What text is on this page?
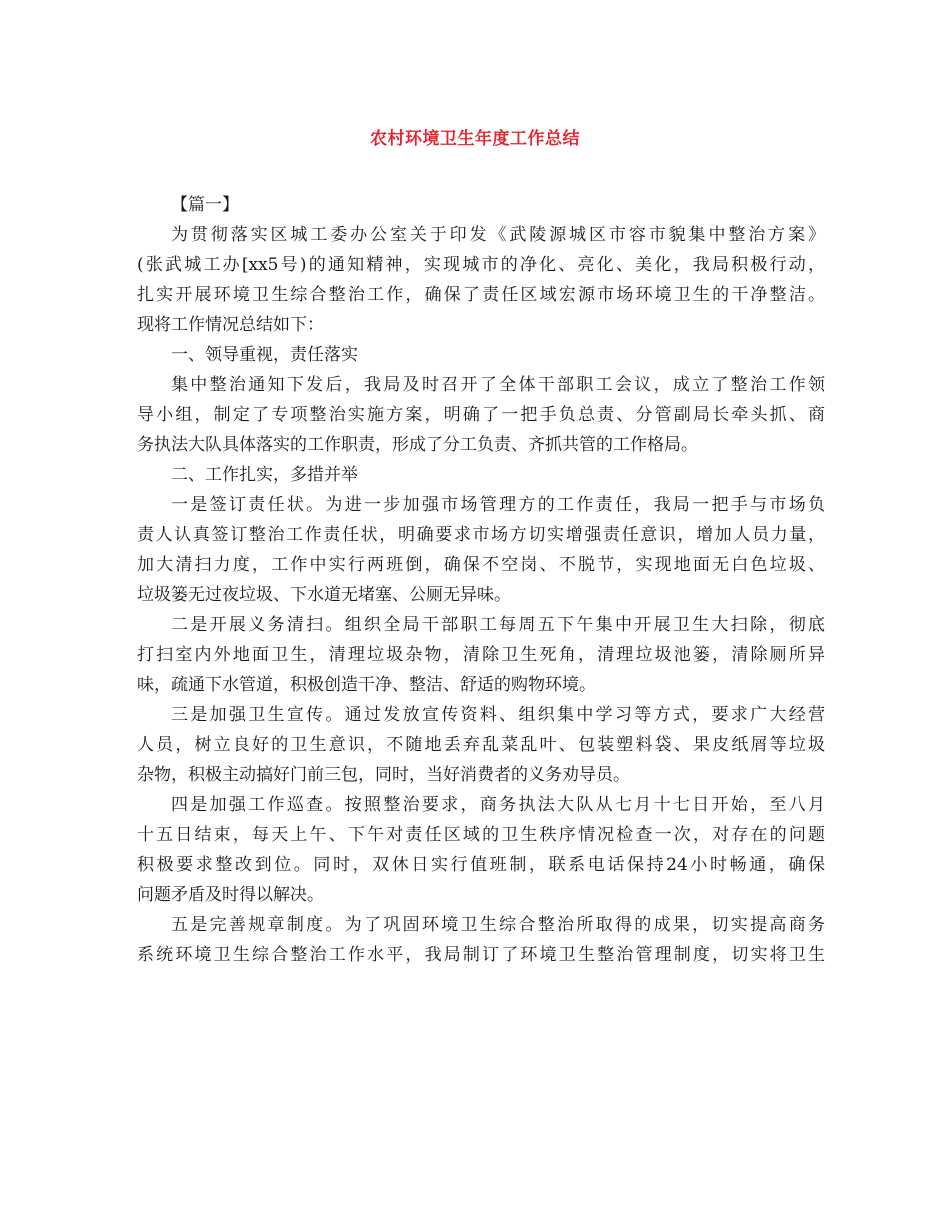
农村环境卫生年度工作总结
【篇一】
为贯彻落实区城工委办公室关于印发《武陵源城区市容市貌集中整治方案》
(张武城工办[xx5号)的通知精神，实现城市的净化、亮化、美化，我局积极行动，
扎实开展环境卫生综合整治工作，确保了责任区域宏源市场环境卫生的干净整洁。
现将工作情况总结如下：
一、领导重视，责任落实
集中整治通知下发后，我局及时召开了全体干部职工会议，成立了整治工作领
导小组，制定了专项整治实施方案，明确了一把手负总责、分管副局长牵头抓、商
务执法大队具体落实的工作职责，形成了分工负责、齐抓共管的工作格局。
二、工作扎实，多措并举
一是签订责任状。为进一步加强市场管理方的工作责任，我局一把手与市场负
责人认真签订整治工作责任状，明确要求市场方切实增强责任意识，增加人员力量，
加大清扫力度，工作中实行两班倒，确保不空岗、不脱节，实现地面无白色垃圾、
垃圾篓无过夜垃圾、下水道无堵塞、公厕无异味。
二是开展义务清扫。组织全局干部职工每周五下午集中开展卫生大扫除，彻底
打扫室内外地面卫生，清理垃圾杂物，清除卫生死角，清理垃圾池篓，清除厕所异
味，疏通下水管道，积极创造干净、整洁、舒适的购物环境。
三是加强卫生宣传。通过发放宣传资料、组织集中学习等方式，要求广大经营
人员，树立良好的卫生意识，不随地丢弃乱菜乱叶、包装塑料袋、果皮纸屑等垃圾
杂物，积极主动搞好门前三包，同时，当好消费者的义务劝导员。
四是加强工作巡查。按照整治要求，商务执法大队从七月十七日开始，至八月
十五日结束，每天上午、下午对责任区域的卫生秩序情况检查一次，对存在的问题
积极要求整改到位。同时，双休日实行值班制，联系电话保持24小时畅通，确保
问题矛盾及时得以解决。
五是完善规章制度。为了巩固环境卫生综合整治所取得的成果，切实提高商务
系统环境卫生综合整治工作水平，我局制订了环境卫生整治管理制度，切实将卫生
